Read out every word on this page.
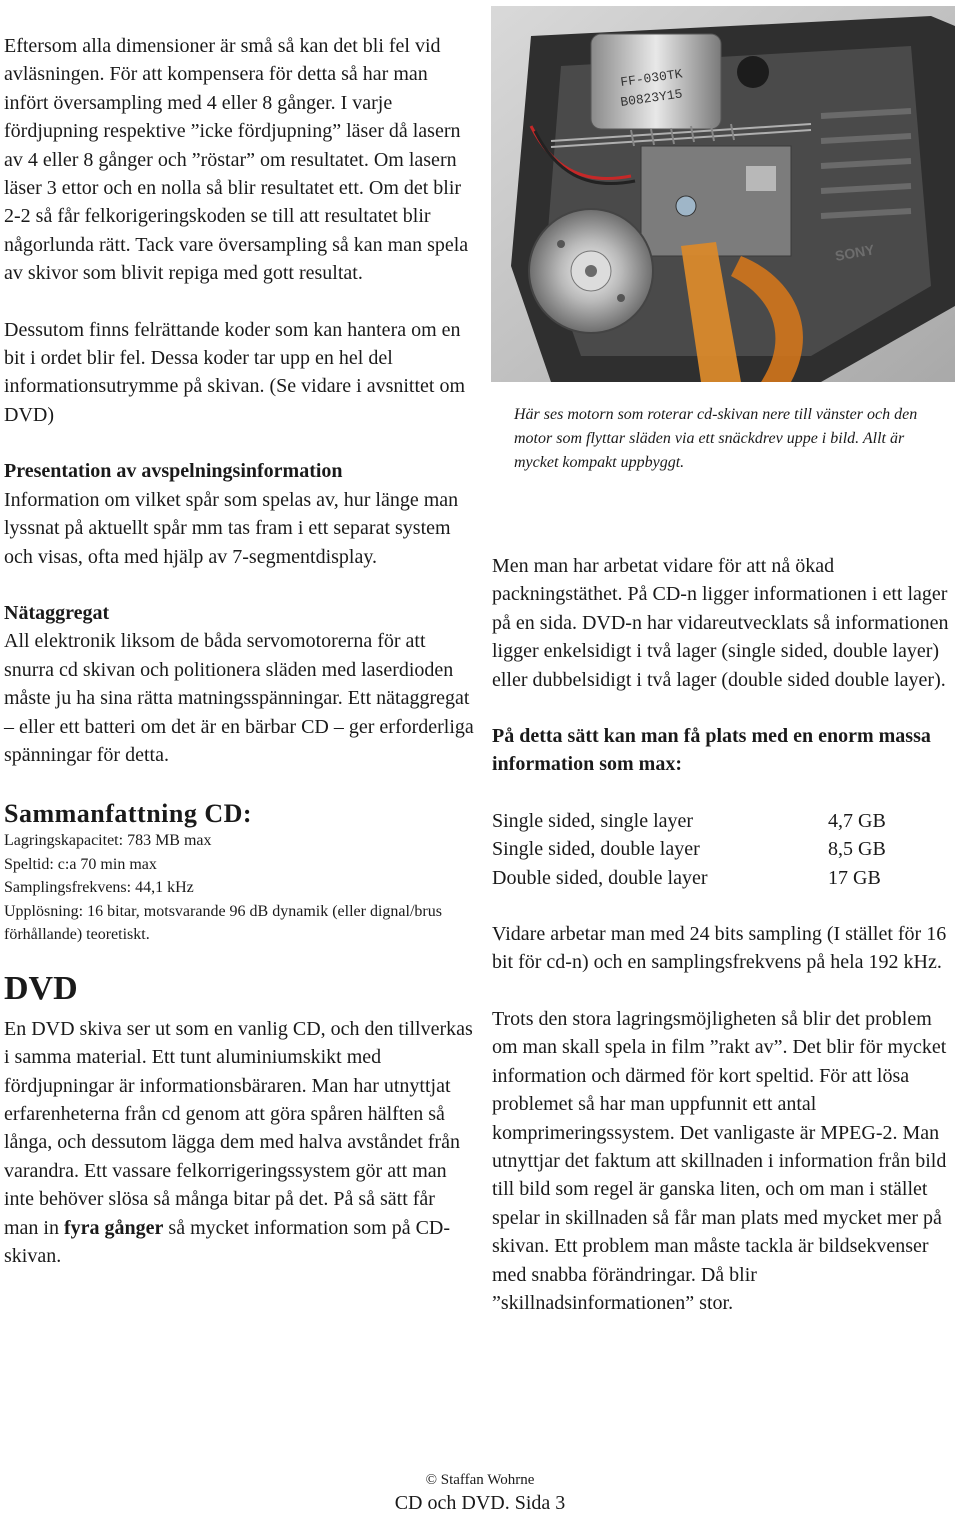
Eftersom alla dimensioner är små så kan det bli fel vid avläsningen. För att kompensera för detta så har man infört översampling med 4 eller 8 gånger. I varje fördjupning respektive ”icke fördjupning” läser då lasern av 4 eller 8 gånger och ”röstar” om resultatet. Om lasern läser 3 ettor och en nolla så blir resultatet ett. Om det blir 2-2 så får felkorigeringskoden se till att resultatet blir någorlunda rätt. Tack vare översampling så kan man spela av skivor som blivit repiga med gott resultat.

Dessutom finns felrättande koder som kan hantera om en bit i ordet blir fel. Dessa koder tar upp en hel del informationsutrymme på skivan. (Se vidare i avsnittet om DVD)

Presentation av avspelningsinformation

Information om vilket spår som spelas av, hur länge man lyssnat på aktuellt spår mm tas fram i ett separat system och visas, ofta med hjälp av 7-segmentdisplay.

Nätaggregat

All elektronik liksom de båda servomotorerna för att snurra cd skivan och politionera släden med laserdioden måste ju ha sina rätta matningsspänningar. Ett nätaggregat – eller ett batteri om det är en bärbar CD – ger erforderliga spänningar för detta.

Sammanfattning CD:
Lagringskapacitet: 783 MB max
Speltid: c:a 70 min max
Samplingsfrekvens: 44,1 kHz
Upplösning: 16 bitar, motsvarande 96 dB dynamik (eller dignal/brus förhållande) teoretiskt.
DVD

En DVD skiva ser ut som en vanlig CD, och den tillverkas i samma material. Ett tunt aluminiumskikt med fördjupningar är informationsbäraren. Man har utnyttjat erfarenheterna från cd genom att göra spåren hälften så långa, och dessutom lägga dem med halva avståndet från varandra. Ett vassare felkorrigeringssystem gör att man inte behöver slösa så många bitar på det. På så sätt får man in fyra gånger så mycket information som på CD-skivan.

FF-030TK
B0823Y15
SONY
Här ses motorn som roterar cd-skivan nere till vänster och den motor som flyttar släden via ett snäckdrev uppe i bild. Allt är mycket kompakt uppbyggt.

Men man har arbetat vidare för att nå ökad packningstäthet. På CD-n ligger informationen i ett lager på en sida. DVD-n har vidareutvecklats så informationen ligger enkelsidigt i två lager (single sided, double layer) eller dubbelsidigt i två lager (double sided double layer).

På detta sätt kan man få plats med en enorm massa information som max:
Single sided, single layer	4,7 GB
Single sided, double layer	8,5 GB
Double sided, double layer	17 GB

Vidare arbetar man med 24 bits sampling (I stället för 16 bit för cd-n) och en samplingsfrekvens på hela 192 kHz.

Trots den stora lagringsmöjligheten så blir det problem om man skall spela in film ”rakt av”. Det blir för mycket information och därmed för kort speltid. För att lösa problemet så har man uppfunnit ett antal komprimeringssystem. Det vanligaste är MPEG-2. Man utnyttjar det faktum att skillnaden i information från bild till bild som regel är ganska liten, och om man i stället spelar in skillnaden så får man plats med mycket mer på skivan. Ett problem man måste tackla är bildsekvenser med snabba förändringar. Då blir ”skillnadsinformationen” stor.

© Staffan Wohrne
CD och DVD. Sida 3
